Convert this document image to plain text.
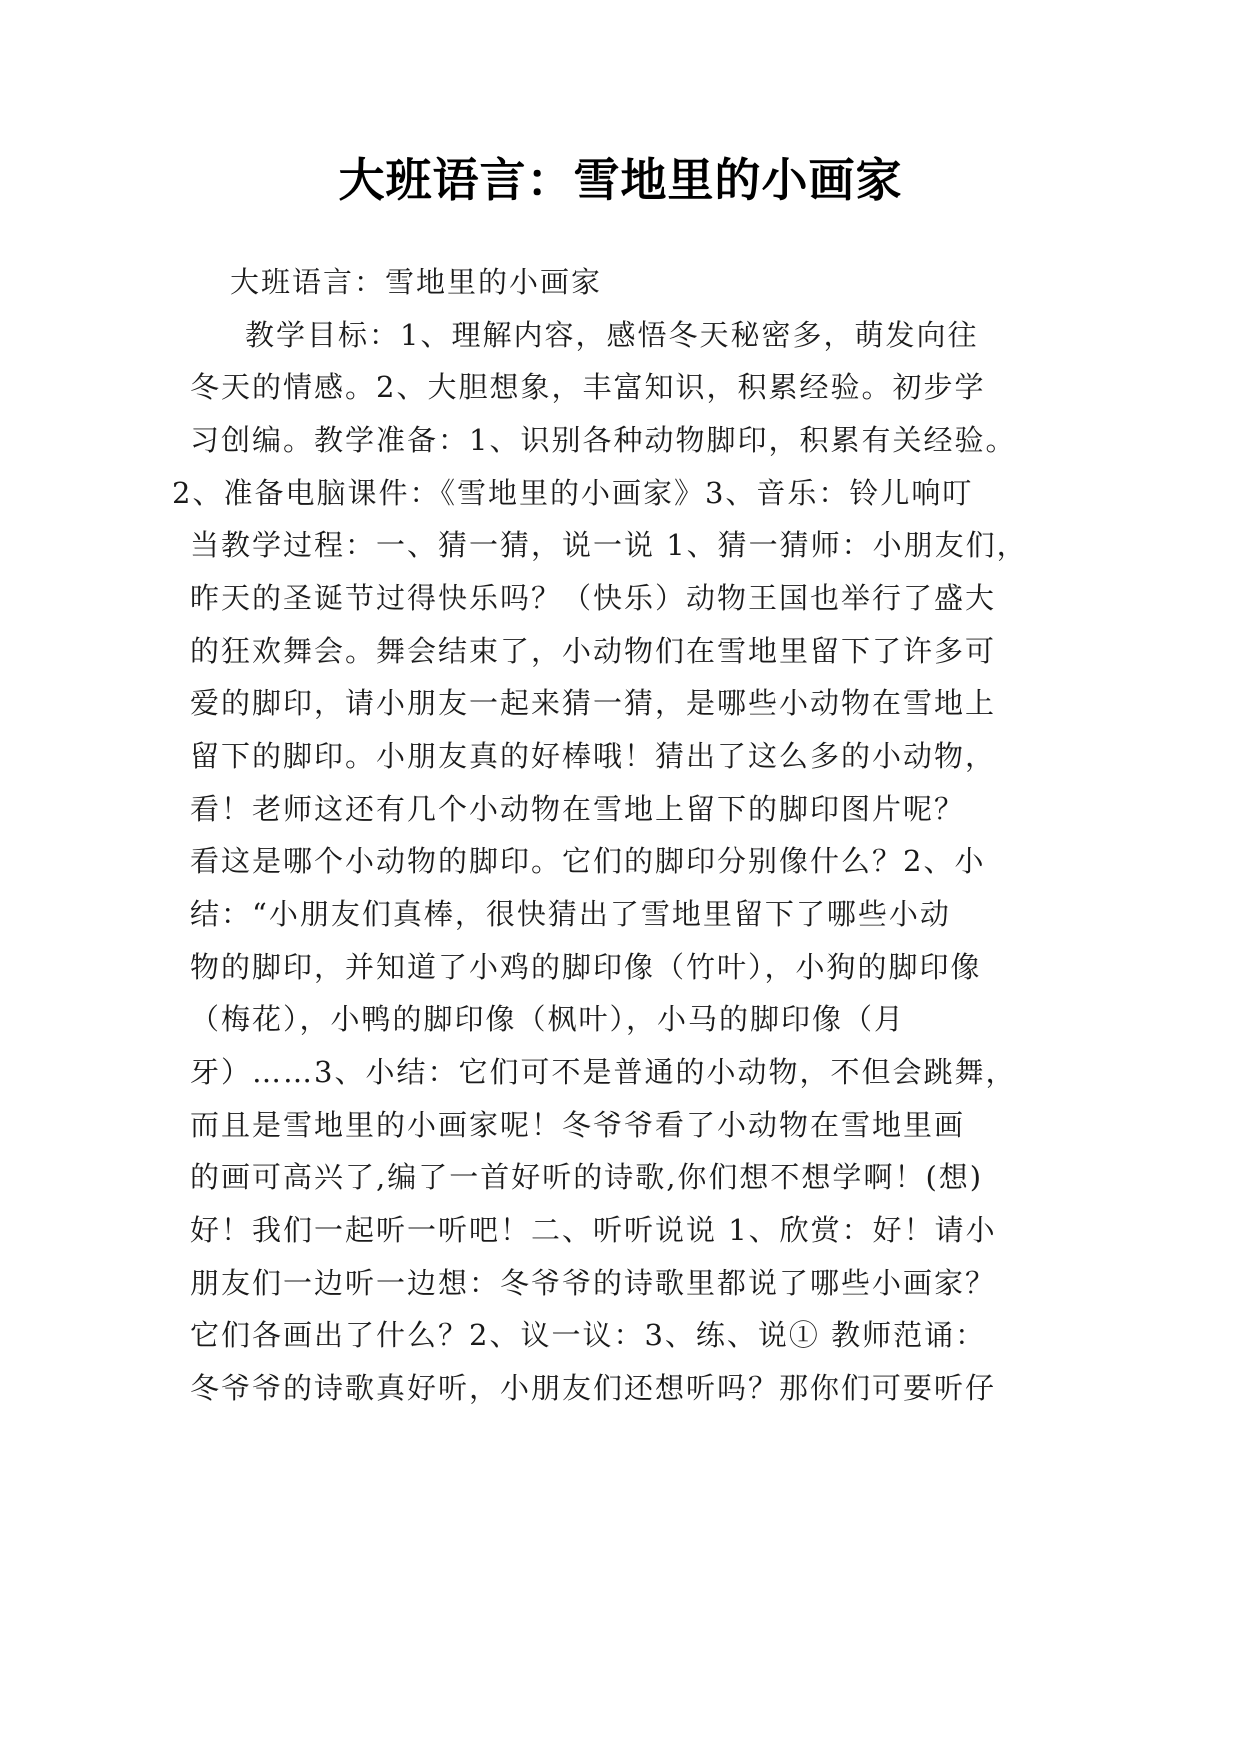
大班语言：雪地里的小画家
大班语言：雪地里的小画家
教学目标：1、理解内容，感悟冬天秘密多，萌发向往
冬天的情感。2、大胆想象，丰富知识，积累经验。初步学
习创编。教学准备：1、识别各种动物脚印，积累有关经验。
2、准备电脑课件：《雪地里的小画家》3、音乐：铃儿响叮
当教学过程：一、猜一猜，说一说 1、猜一猜师：小朋友们，
昨天的圣诞节过得快乐吗？（快乐）动物王国也举行了盛大
的狂欢舞会。舞会结束了，小动物们在雪地里留下了许多可
爱的脚印，请小朋友一起来猜一猜，是哪些小动物在雪地上
留下的脚印。小朋友真的好棒哦！猜出了这么多的小动物，
看！老师这还有几个小动物在雪地上留下的脚印图片呢？
看这是哪个小动物的脚印。它们的脚印分别像什么？2、小
结：“小朋友们真棒，很快猜出了雪地里留下了哪些小动
物的脚印，并知道了小鸡的脚印像（竹叶），小狗的脚印像
（梅花），小鸭的脚印像（枫叶），小马的脚印像（月
牙）……3、小结：它们可不是普通的小动物，不但会跳舞，
而且是雪地里的小画家呢！冬爷爷看了小动物在雪地里画
的画可高兴了,编了一首好听的诗歌,你们想不想学啊！(想)
好！我们一起听一听吧！二、听听说说 1、欣赏：好！请小
朋友们一边听一边想：冬爷爷的诗歌里都说了哪些小画家？
它们各画出了什么？2、议一议：3、练、说① 教师范诵：
冬爷爷的诗歌真好听，小朋友们还想听吗？那你们可要听仔
